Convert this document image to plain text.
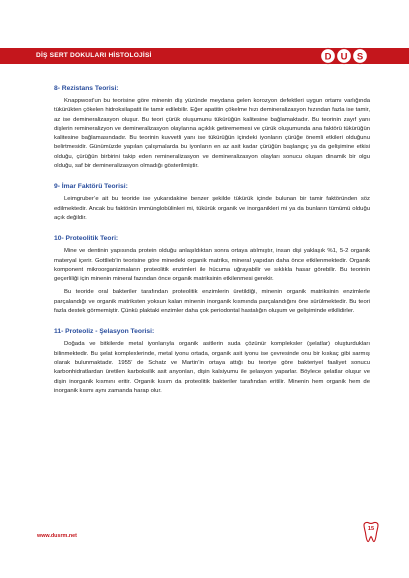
DİŞ SERT DOKULARI HİSTOLOJİSİ	D U S
8- Rezistans Teorisi:

Knappwost’un bu teorisine göre minenin diş yüzünde meydana gelen korozyon defektleri uygun ortamı varlığında tükürükten çökelen hidroksilapatit ile tamir edilebilir. Eğer apatitin çökelme hızı demineralizasyon hızından fazla ise tamir, az ise demineralizasyon oluşur. Bu teori çürük oluşumunu tükürüğün kalitesine bağlamaktadır. Bu teorinin zayıf yanı dişlerin remineralizyon ve demineralizasyon olaylarına açıklık getirememesi ve çürük oluşumunda ana faktörü tükürüğün kalitesine bağlamasındadır. Bu teorinin kuvvetli yanı ise tükürüğün içindeki iyonların çürüğe önemli etkileri olduğunu belirtmesidir. Günümüzde yapılan çalışmalarda bu iyonların en az asit kadar çürüğün başlangıç ya da gelişimine etkisi olduğu, çürüğün birbirini takip eden remineralizasyon ve demineralizasyon olayları sonucu oluşan dinamik bir olgu olduğu, saf bir demineralizasyon olmadığı gösterilmiştir.

9- İmar Faktörü Teorisi:

Leimgruber’e ait bu teoride ise yukarıdakine benzer şekilde tükürük içinde bulunan bir tamir faktöründen söz edilmektedir. Ancak bu faktörün immünglobülinleri mi, tükürük organik ve inorganikleri mi ya da bunların tümümü olduğu açık değildir.

10- Proteolitik Teori:

Mine ve dentinin yapısında protein olduğu anlaşıldıktan sonra ortaya atılmıştır, insan dişi yaklaşık %1, 5-2 organik materyal içerir. Gottlieb’in teorisine göre minedeki organik matriks, mineral yapıdan daha önce etkilenmektedir. Organik komponent mikroorganizmaların proteolitik enzimleri ile hücuma uğrayabilir ve sıklıkla hasar görebilir. Bu teorinin geçerliliği için minenin mineral fazından önce organik matriksinin etkilenmesi gerekir.

Bu teoride oral bakteriler tarafından proteolitik enzimlerin üretildiği, minenin organik matriksinin enzimlerle parçalandığı ve organik matriksten yoksun kalan minenin inorganik kısmında parçalandığını öne sürülmektedir. Bu teori fazla destek görmemiştir. Çünkü plaktaki enzimler daha çok periodontal hastalığın oluşum ve gelişiminde etkilidirler.

11- Proteoliz - Şelasyon Teorisi:

Doğada ve bitkilerde metal iyonlarıyla organik asitlerin suda çözünür kompleksler (şelatlar) oluşturdukları bilinmektedir. Bu şelat komplexlerinde, metal iyonu ortada, organik asit iyonu ise çevresinde onu bir kıskaç gibi sarmış olarak bulunmaktadır. 1955’ de Schatz ve Martin’in ortaya attığı bu teoriye göre bakteriyel faaliyet sonucu karbonhidratlardan üretilen karboksilik asit anyonları, dişin kalsiyumu ile şelasyon yaparlar. Böylece şelatlar oluşur ve dişin inorganik kısmını eritir. Organik kısım da proteolitik bakteriler tarafından eritilir. Minenin hem organik hem de inorganik kısmı aynı zamanda harap olur.

www.dusrm.net
15
